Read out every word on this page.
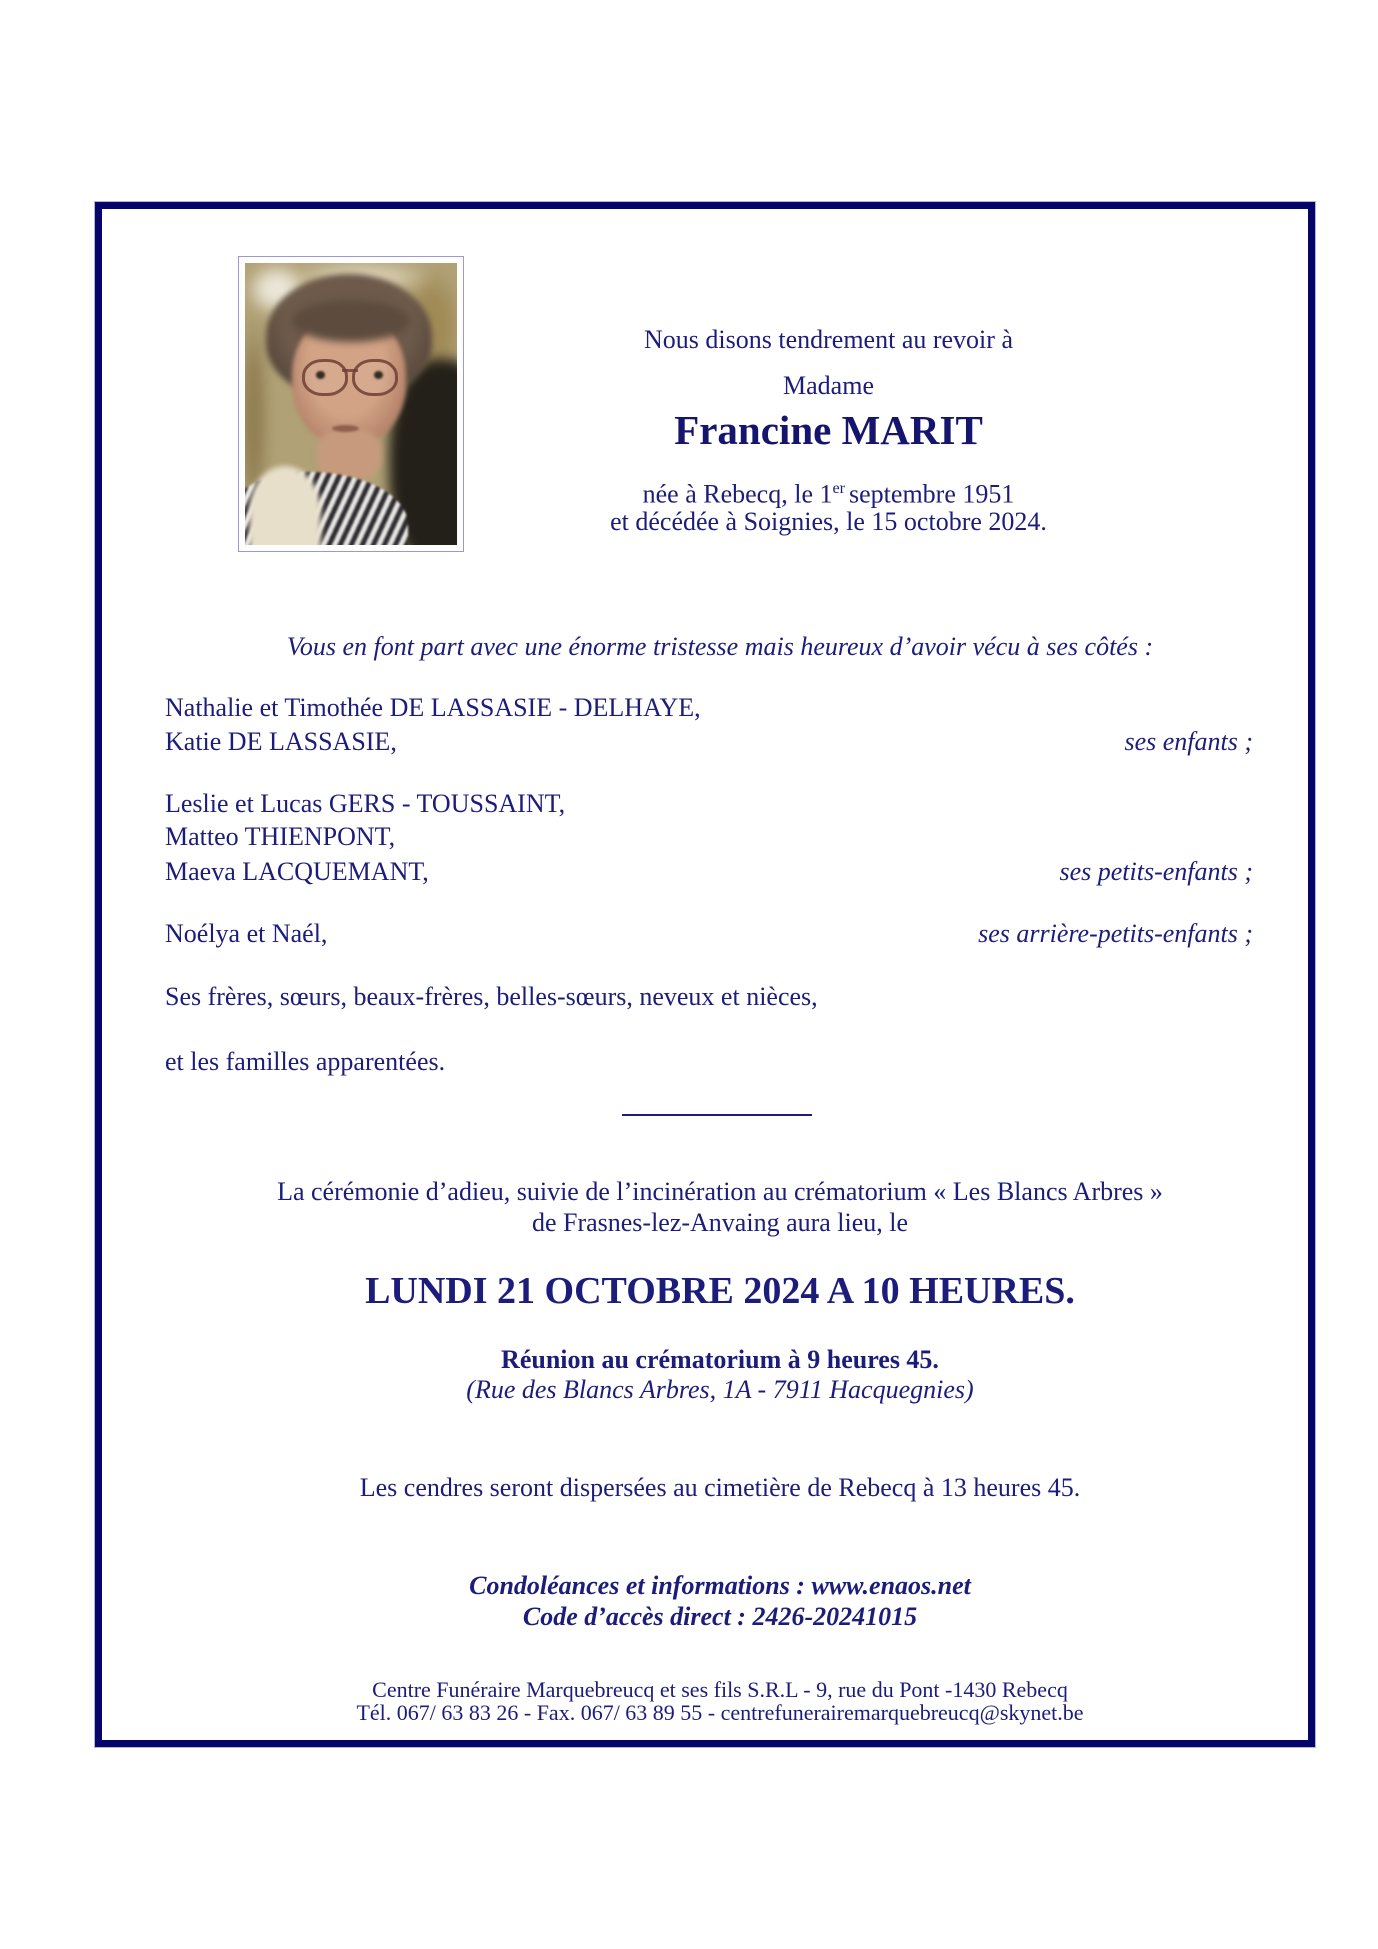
Nous disons tendrement au revoir à
Madame
Francine MARIT
née à Rebecq, le 1er septembre 1951
et décédée à Soignies, le 15 octobre 2024.
Vous en font part avec une énorme tristesse mais heureux d’avoir vécu à ses côtés :
Nathalie et Timothée DE LASSASIE - DELHAYE,
Katie DE LASSASIE,	ses enfants ;
Leslie et Lucas GERS - TOUSSAINT,
Matteo THIENPONT,
Maeva LACQUEMANT,	ses petits-enfants ;
Noélya et Naél,	ses arrière-petits-enfants ;
Ses frères, sœurs, beaux-frères, belles-sœurs, neveux et nièces,
et les familles apparentées.
La cérémonie d’adieu, suivie de l’incinération au crématorium « Les Blancs Arbres »
de Frasnes-lez-Anvaing aura lieu, le
LUNDI 21 OCTOBRE 2024 A 10 HEURES.
Réunion au crématorium à 9 heures 45.
(Rue des Blancs Arbres, 1A - 7911 Hacquegnies)
Les cendres seront dispersées au cimetière de Rebecq à 13 heures 45.
Condoléances et informations : www.enaos.net
Code d’accès direct : 2426-20241015
Centre Funéraire Marquebreucq et ses fils S.R.L - 9, rue du Pont -1430 Rebecq
Tél. 067/ 63 83 26 - Fax. 067/ 63 89 55 - centrefunerairemarquebreucq@skynet.be
